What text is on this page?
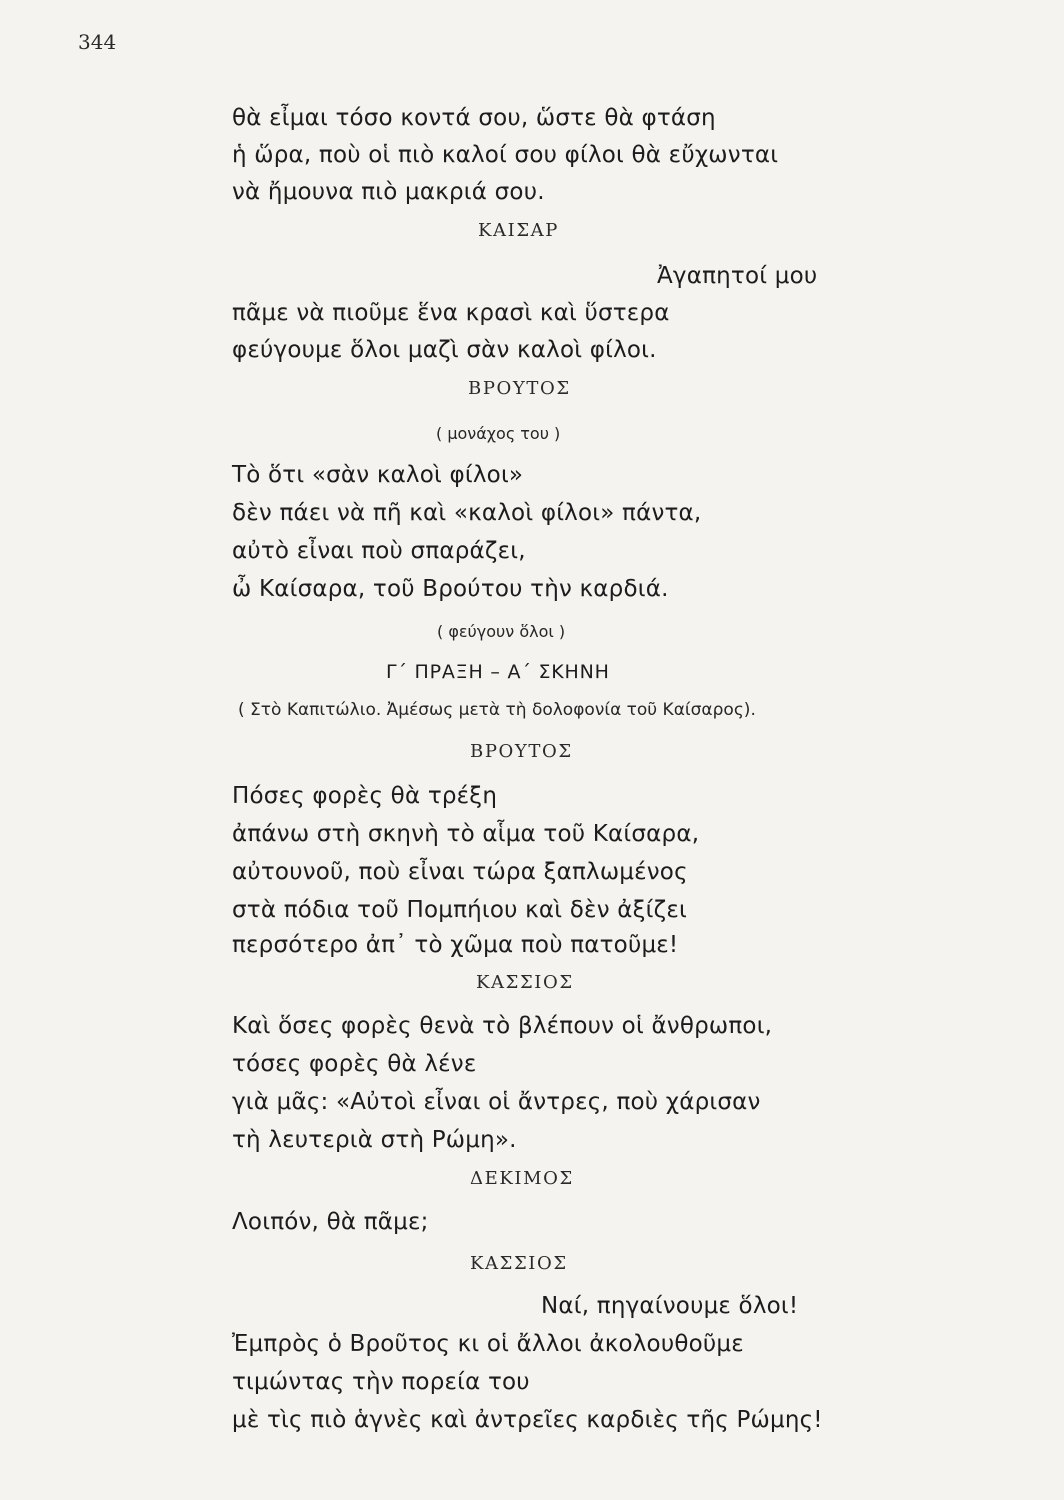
344
θὰ εἶμαι τόσο κοντά σου, ὥστε θὰ φτάση
ἡ ὥρα, ποὺ οἱ πιὸ καλοί σου φίλοι θὰ εὔχωνται
νὰ ἤμουνα πιὸ μακριά σου.
ΚΑΙΣΑΡ
Ἀγαπητοί μου
πᾶμε νὰ πιοῦμε ἕνα κρασὶ καὶ ὕστερα
φεύγουμε ὅλοι μαζὶ σὰν καλοὶ φίλοι.
ΒΡΟΥΤΟΣ
( μονάχος του )
Τὸ ὅτι «σὰν καλοὶ φίλοι»
δὲν πάει νὰ πῆ καὶ «καλοὶ φίλοι» πάντα,
αὐτὸ εἶναι ποὺ σπαράζει,
ὦ Καίσαρα, τοῦ Βρούτου τὴν καρδιά.
( φεύγουν ὅλοι )
Γ΄ ΠΡΑΞΗ – Α΄ ΣΚΗΝΗ
( Στὸ Καπιτώλιο. Ἀμέσως μετὰ τὴ δολοφονία τοῦ Καίσαρος).
ΒΡΟΥΤΟΣ
Πόσες φορὲς θὰ τρέξη
ἀπάνω στὴ σκηνὴ τὸ αἷμα τοῦ Καίσαρα,
αὐτουνοῦ, ποὺ εἶναι τώρα ξαπλωμένος
στὰ πόδια τοῦ Πομπήιου καὶ δὲν ἀξίζει
περσότερο ἀπ᾽ τὸ χῶμα ποὺ πατοῦμε!
ΚΑΣΣΙΟΣ
Καὶ ὅσες φορὲς θενὰ τὸ βλέπουν οἱ ἄνθρωποι,
τόσες φορὲς θὰ λένε
γιὰ μᾶς: «Αὐτοὶ εἶναι οἱ ἄντρες, ποὺ χάρισαν
τὴ λευτεριὰ στὴ Ρώμη».
ΔΕΚΙΜΟΣ
Λοιπόν, θὰ πᾶμε;
ΚΑΣΣΙΟΣ
Ναί, πηγαίνουμε ὅλοι!
Ἐμπρὸς ὁ Βροῦτος κι οἱ ἄλλοι ἀκολουθοῦμε
τιμώντας τὴν πορεία του
μὲ τὶς πιὸ ἁγνὲς καὶ ἀντρεῖες καρδιὲς τῆς Ρώμης!
